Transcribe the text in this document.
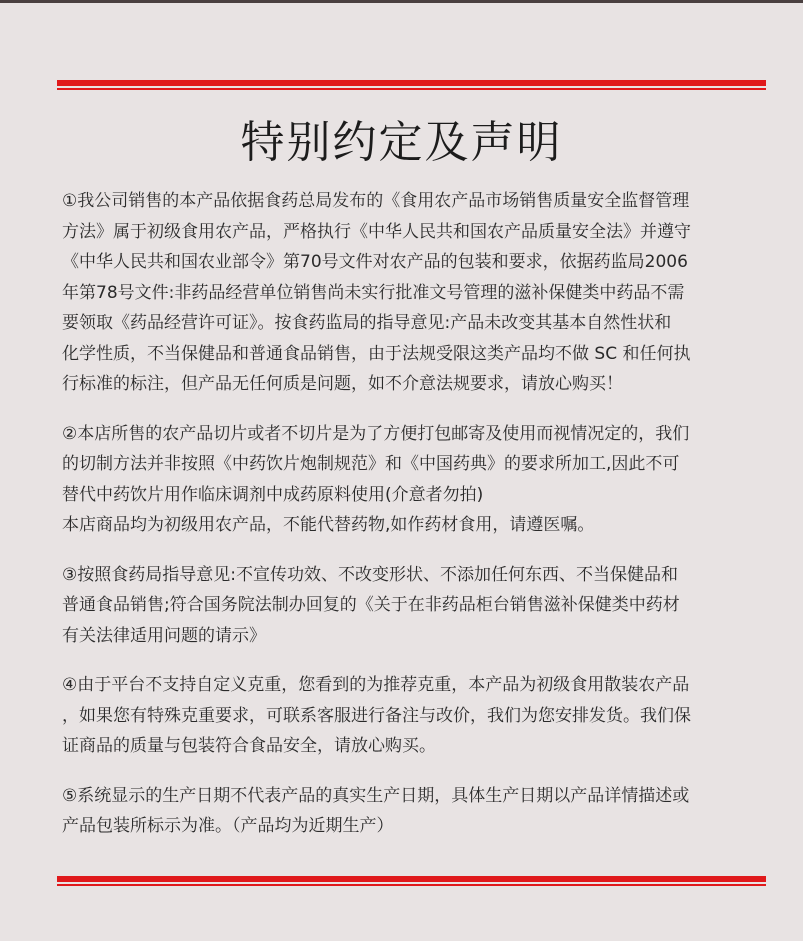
特别约定及声明

①我公司销售的本产品依据食药总局发布的《食用农产品市场销售质量安全监督管理
方法》属于初级食用农产品，严格执行《中华人民共和国农产品质量安全法》并遵守
《中华人民共和国农业部令》第70号文件对农产品的包装和要求，依据药监局2006
年第78号文件:非药品经营单位销售尚未实行批准文号管理的滋补保健类中药品不需
要领取《药品经营许可证》。按食药监局的指导意见:产品未改变其基本自然性状和
化学性质，不当保健品和普通食品销售，由于法规受限这类产品均不做 SC 和任何执
行标准的标注，但产品无任何质是问题，如不介意法规要求，请放心购买！

②本店所售的农产品切片或者不切片是为了方便打包邮寄及使用而视情况定的，我们
的切制方法并非按照《中药饮片炮制规范》和《中国药典》的要求所加工,因此不可
替代中药饮片用作临床调剂中成药原料使用(介意者勿拍)
本店商品均为初级用农产品，不能代替药物,如作药材食用，请遵医嘱。

③按照食药局指导意见:不宣传功效、不改变形状、不添加任何东西、不当保健品和
普通食品销售;符合国务院法制办回复的《关于在非药品柜台销售滋补保健类中药材
有关法律适用问题的请示》

④由于平台不支持自定义克重，您看到的为推荐克重，本产品为初级食用散装农产品
，如果您有特殊克重要求，可联系客服进行备注与改价，我们为您安排发货。我们保
证商品的质量与包装符合食品安全，请放心购买。

⑤系统显示的生产日期不代表产品的真实生产日期，具体生产日期以产品详情描述或
产品包装所标示为准。（产品均为近期生产）
